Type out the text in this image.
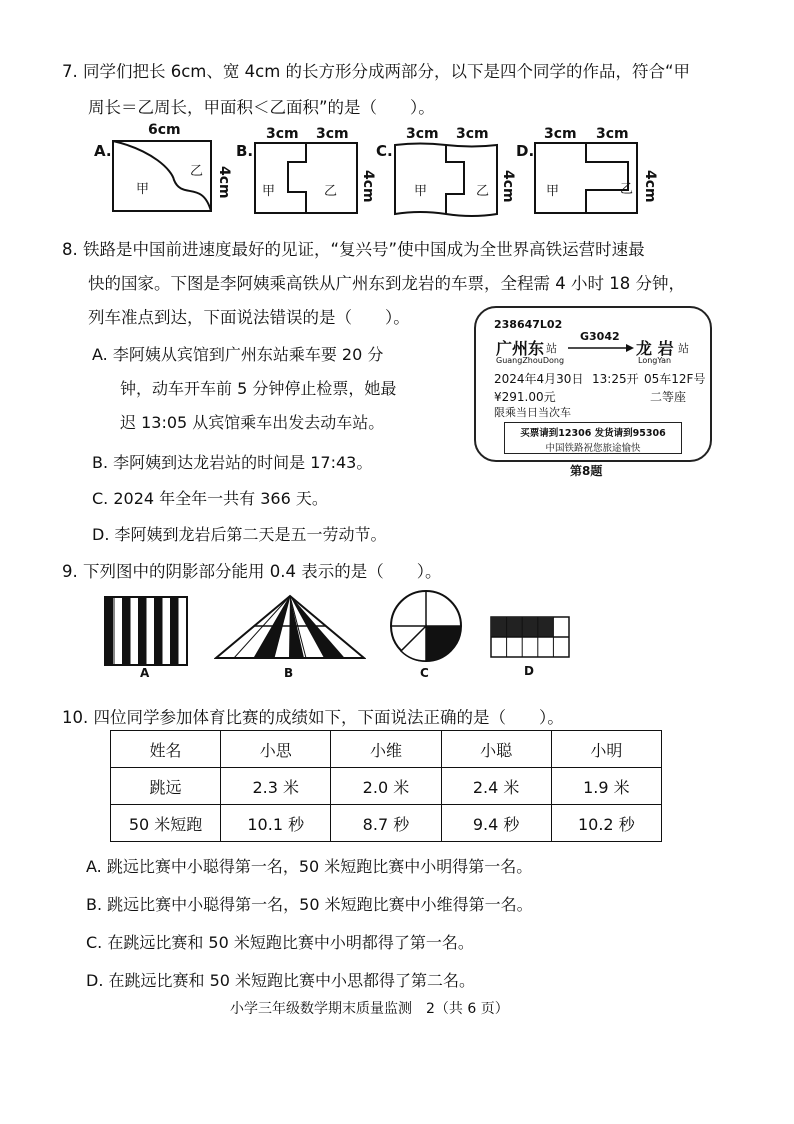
7. 同学们把长 6cm、宽 4cm 的长方形分成两部分，以下是四个同学的作品，符合“甲
周长＝乙周长，甲面积＜乙面积”的是（　　）。
A.
6cm
甲
乙 4cm
B.
3cm 3cm
甲	乙 4cm
C.
3cm 3cm
甲	乙 4cm
D.
3cm 3cm
甲	乙 4cm
8. 铁路是中国前进速度最好的见证，“复兴号”使中国成为全世界高铁运营时速最
快的国家。下图是李阿姨乘高铁从广州东到龙岩的车票，全程需 4 小时 18 分钟，
列车准点到达，下面说法错误的是（　　）。
A. 李阿姨从宾馆到广州东站乘车要 20 分
钟，动车开车前 5 分钟停止检票，她最
迟 13:05 从宾馆乘车出发去动车站。
B. 李阿姨到达龙岩站的时间是 17:43。
C. 2024 年全年一共有 366 天。
D. 李阿姨到龙岩后第二天是五一劳动节。
238647L02
广州东 站
GuangZhouDong
G3042
龙 岩 站
LongYan
2024年4月30日 13:25开 05车12F号
¥291.00元	二等座
限乘当日当次车
买票请到12306 发货请到95306
中国铁路祝您旅途愉快
第8题
9. 下列图中的阴影部分能用 0.4 表示的是（　　）。
A	B	C	D
10. 四位同学参加体育比赛的成绩如下，下面说法正确的是（　　）。
姓名	小思	小维	小聪	小明
跳远	2.3 米	2.0 米	2.4 米	1.9 米
50 米短跑	10.1 秒	8.7 秒	9.4 秒	10.2 秒
A. 跳远比赛中小聪得第一名，50 米短跑比赛中小明得第一名。
B. 跳远比赛中小聪得第一名，50 米短跑比赛中小维得第一名。
C. 在跳远比赛和 50 米短跑比赛中小明都得了第一名。
D. 在跳远比赛和 50 米短跑比赛中小思都得了第二名。
小学三年级数学期末质量监测　2（共 6 页）
